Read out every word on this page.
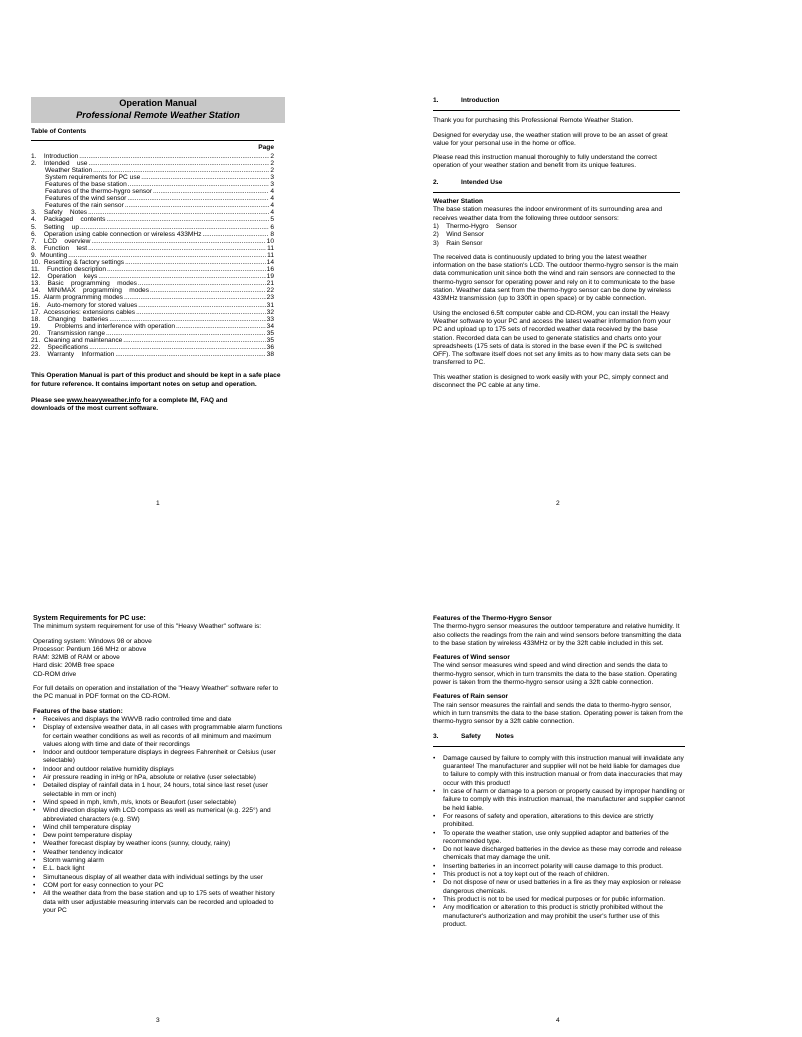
Operation Manual
Professional Remote Weather Station
Table of Contents
Page
1.    Introduction .....	2
2.    Intended    use .....	2
Weather Station .....	2
System requirements for PC use .....	3
Features of the base station .....	3
Features of the thermo-hygro sensor .....	4
Features of the wind sensor .....	4
Features of the rain sensor .....	4
3.    Safety    Notes .....	4
4.    Packaged    contents .....	5
5.    Setting    up .....	6
6.    Operation using cable connection or wireless 433MHz .....	8
7.    LCD    overview .....	10
8.    Function    test .....	11
9.  Mounting .....	11
10.  Resetting & factory settings .....	14
11.    Function description .....	16
12.    Operation    keys .....	19
13.    Basic    programming    modes .....	21
14.    MIN/MAX    programming    modes .....	22
15.  Alarm programming modes .....	23
16.    Auto-memory for stored values .....	31
17.  Accessories: extensions cables .....	32
18.    Changing    batteries .....	33
19.        Problems and interference with operation .....	34
20.    Transmission range .....	35
21.  Cleaning and maintenance .....	35
22.    Specifications .....	36
23.    Warranty    Information .....	38
This Operation Manual is part of this product and should be kept in a safe place for future reference. It contains important notes on setup and operation.
Please see www.heavyweather.info for a complete IM, FAQ and downloads of the most current software.
1
1.	Introduction

Thank you for purchasing this Professional Remote Weather Station.

Designed for everyday use, the weather station will prove to be an asset of great value for your personal use in the home or office.

Please read this instruction manual thoroughly to fully understand the correct operation of your weather station and benefit from its unique features.

2.	Intended Use
Weather Station
The base station measures the indoor environment of its surrounding area and receives weather data from the following three outdoor sensors:
1)    Thermo-Hygro    Sensor
2)    Wind Sensor
3)    Rain Sensor

The received data is continuously updated to bring you the latest weather information on the base station's LCD. The outdoor thermo-hygro sensor is the main data communication unit since both the wind and rain sensors are connected to the thermo-hygro sensor for operating power and rely on it to communicate to the base station. Weather data sent from the thermo-hygro sensor can be done by wireless 433MHz transmission (up to 330ft in open space) or by cable connection.

Using the enclosed 6.5ft computer cable and CD-ROM, you can install the Heavy Weather software to your PC and access the latest weather information from your PC and upload up to 175 sets of recorded weather data received by the base station. Recorded data can be used to generate statistics and charts onto your spreadsheets (175 sets of data is stored in the base even if the PC is switched OFF). The software itself does not set any limits as to how many data sets can be transferred to PC.

This weather station is designed to work easily with your PC, simply connect and disconnect the PC cable at any time.

2
System Requirements for PC use:

The minimum system requirement for use of this "Heavy Weather" software is:

Operating system: Windows 98 or above
Processor: Pentium 166 MHz or above
RAM: 32MB of RAM or above
Hard disk: 20MB free space
CD-ROM drive

For full details on operation and installation of the "Heavy Weather" software refer to the PC manual in PDF format on the CD-ROM.

Features of the base station:
• Receives and displays the WWVB radio controlled time and date
• Display of extensive weather data, in all cases with programmable alarm functions for certain weather conditions as well as records of all minimum and maximum values along with time and date of their recordings
• Indoor and outdoor temperature displays in degrees Fahrenheit or Celsius (user selectable)
• Indoor and outdoor relative humidity displays
• Air pressure reading in inHg or hPa, absolute or relative (user selectable)
• Detailed display of rainfall data in 1 hour, 24 hours, total since last reset (user selectable in mm or inch)
• Wind speed in mph, km/h, m/s, knots or Beaufort (user selectable)
• Wind direction display with LCD compass as well as numerical (e.g. 225°) and abbreviated characters (e.g. SW)
• Wind chill temperature display
• Dew point temperature display
• Weather forecast display by weather icons (sunny, cloudy, rainy)
• Weather tendency indicator
• Storm warning alarm
• E.L. back light
• Simultaneous display of all weather data with individual settings by the user
• COM port for easy connection to your PC
• All the weather data from the base station and up to 175 sets of weather history data with user adjustable measuring intervals can be recorded and uploaded to your PC
3
Features of the Thermo-Hygro Sensor

The thermo-hygro sensor measures the outdoor temperature and relative humidity. It also collects the readings from the rain and wind sensors before transmitting the data to the base station by wireless 433MHz or by the 32ft cable included in this set.

Features of Wind sensor

The wind sensor measures wind speed and wind direction and sends the data to thermo-hygro sensor, which in turn transmits the data to the base station. Operating power is taken from the thermo-hygro sensor using a 32ft cable connection.

Features of Rain sensor

The rain sensor measures the rainfall and sends the data to thermo-hygro sensor, which in turn transmits the data to the base station. Operating power is taken from the thermo-hygro sensor by a 32ft cable connection.

3.	Safety        Notes
• Damage caused by failure to comply with this instruction manual will invalidate any guarantee! The manufacturer and supplier will not be held liable for damages due to failure to comply with this instruction manual or from data inaccuracies that may occur with this product!
• In case of harm or damage to a person or property caused by improper handling or failure to comply with this instruction manual, the manufacturer and supplier cannot be held liable.
• For reasons of safety and operation, alterations to this device are strictly prohibited.
• To operate the weather station, use only supplied adaptor and batteries of the recommended type.
• Do not leave discharged batteries in the device as these may corrode and release chemicals that may damage the unit.
• Inserting batteries in an incorrect polarity will cause damage to this product.
• This product is not a toy kept out of the reach of children.
• Do not dispose of new or used batteries in a fire as they may explosion or release dangerous chemicals.
• This product is not to be used for medical purposes or for public information.
• Any modification or alteration to this product is strictly prohibited without the manufacturer's authorization and may prohibit the user's further use of this product.
4
